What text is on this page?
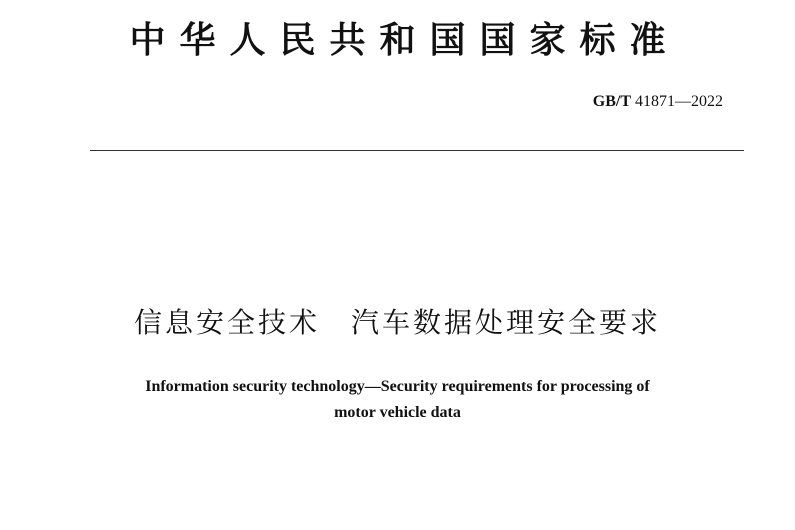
中华人民共和国国家标准
GB/T 41871—2022
信息安全技术　汽车数据处理安全要求
Information security technology—Security requirements for processing of
motor vehicle data
